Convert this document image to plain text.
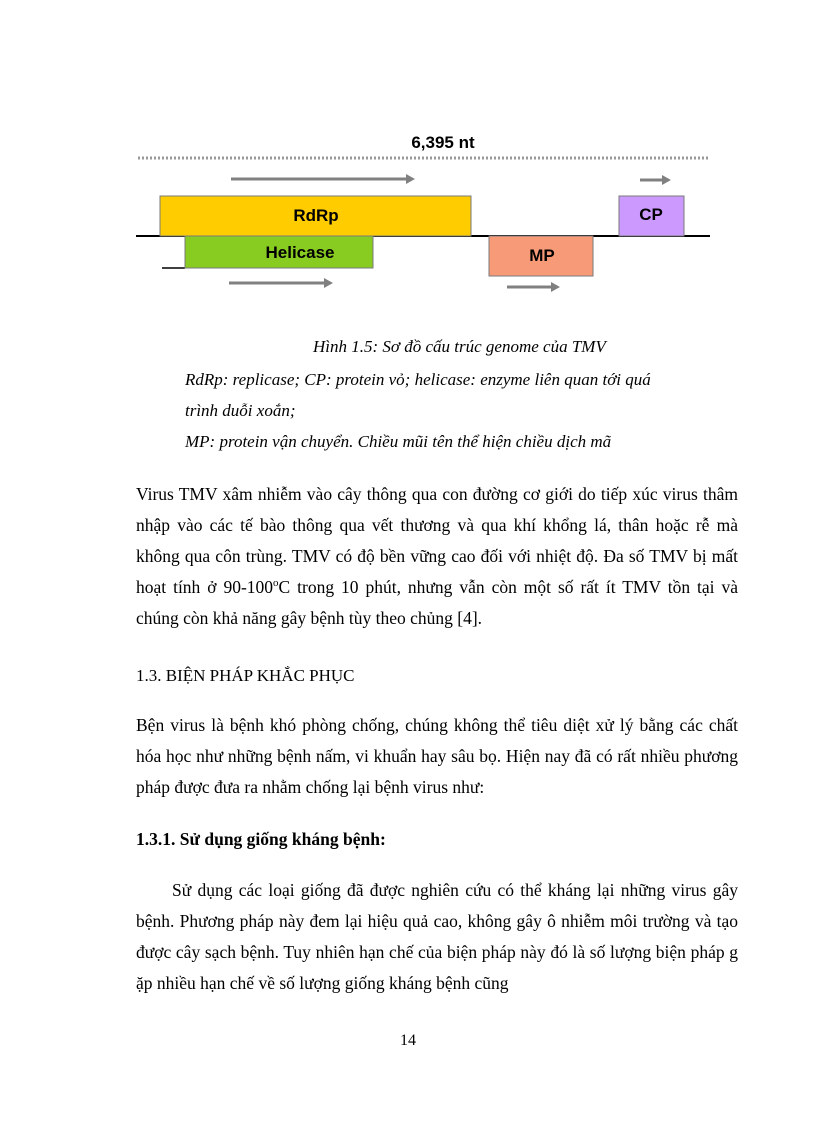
6,395 nt
RdRp
Helicase	MP
CP
Hình 1.5: Sơ đồ cấu trúc genome của TMV
RdRp: replicase; CP: protein vỏ; helicase: enzyme liên quan tới quá
trình duỗi xoắn;
MP: protein vận chuyển. Chiều mũi tên thể hiện chiều dịch mã
Virus TMV xâm nhiễm vào cây thông qua con đường cơ giới do tiếp xúc virus thâm nhập vào các tế bào thông qua vết thương và qua khí khổng lá, thân hoặc rễ mà không qua côn trùng. TMV có độ bền vững cao đối với nhiệt độ. Đa số TMV bị mất hoạt tính ở 90-100$^o$C trong 10 phút, nhưng vẫn còn một số rất ít TMV tồn tại và chúng còn khả năng gây bệnh tùy theo chủng [4].
1.3. BIỆN PHÁP KHẮC PHỤC
Bện virus là bệnh khó phòng chống, chúng không thể tiêu diệt xử lý bằng các chất hóa học như những bệnh nấm, vi khuẩn hay sâu bọ. Hiện nay đã có rất nhiều phương pháp được đưa ra nhằm chống lại bệnh virus như:
1.3.1. Sử dụng giống kháng bệnh:
Sử dụng các loại giống đã được nghiên cứu có thể kháng lại những virus gây bệnh. Phương pháp này đem lại hiệu quả cao, không gây ô nhiễm môi trường và tạo được cây sạch bệnh. Tuy nhiên hạn chế của biện pháp này đó là số lượng biện pháp g ặp nhiều hạn chế về số lượng giống kháng bệnh cũng
14
